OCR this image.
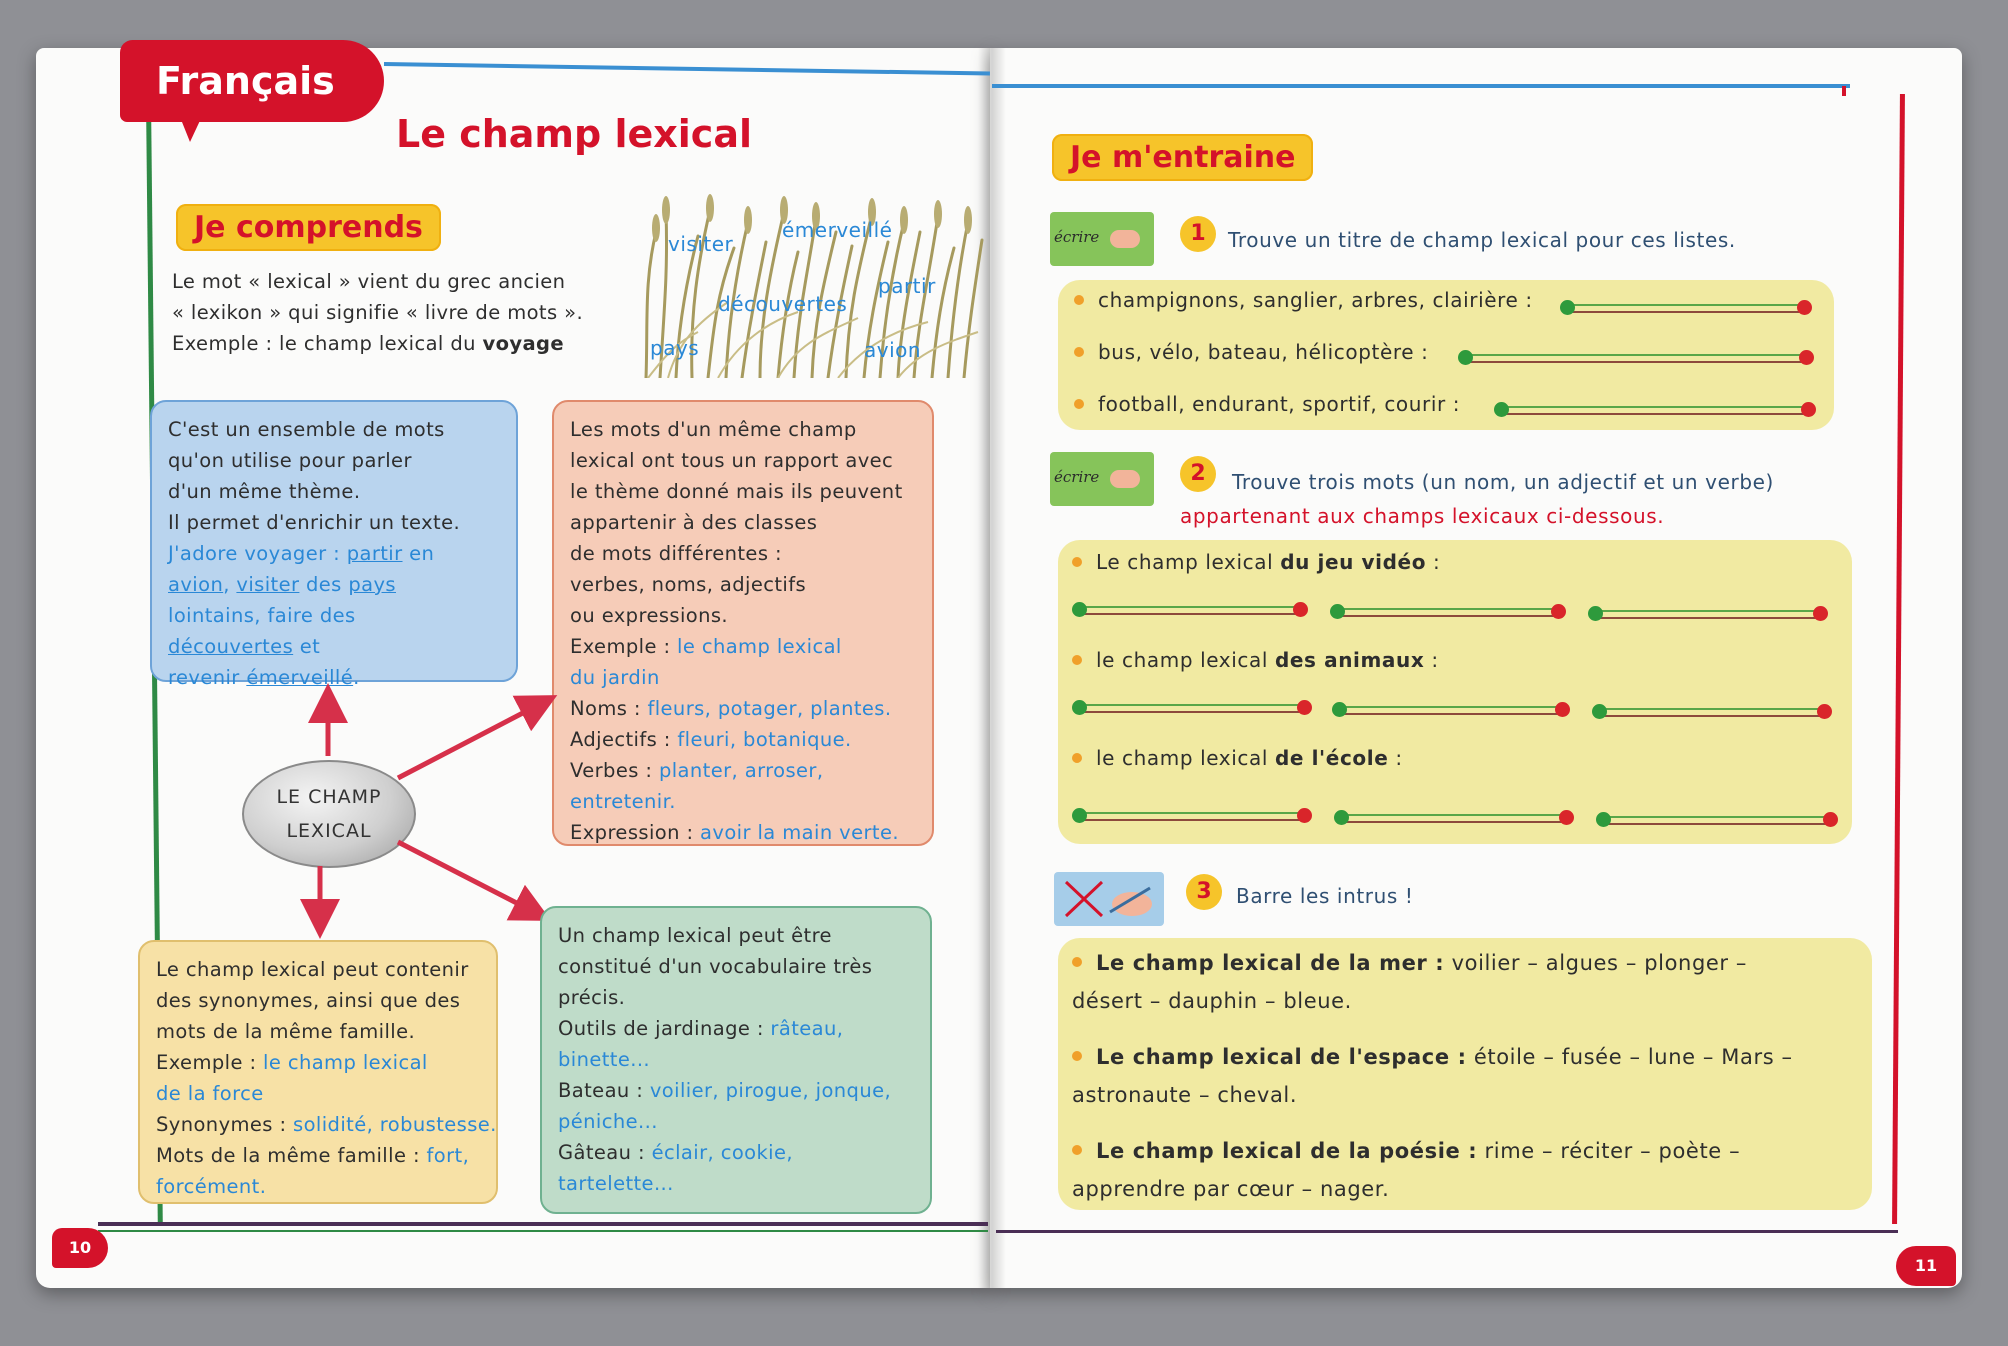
Français
Le champ lexical
Je comprends
Le mot « lexical » vient du grec ancien
« lexikon » qui signifie « livre de mots ».
Exemple : le champ lexical du voyage
visiter
émerveillé
partir
découvertes
pays	avion
C'est un ensemble de mots
qu'on utilise pour parler
d'un même thème.
Il permet d'enrichir un texte.
J'adore voyager : partir en
avion, visiter des pays
lointains, faire des
découvertes et
revenir émerveillé.
Les mots d'un même champ
lexical ont tous un rapport avec
le thème donné mais ils peuvent
appartenir à des classes
de mots différentes :
verbes, noms, adjectifs
ou expressions.
Exemple : le champ lexical
du jardin
Noms : fleurs, potager, plantes.
Adjectifs : fleuri, botanique.
Verbes : planter, arroser,
entretenir.
Expression : avoir la main verte.
LE CHAMP
LEXICAL
Le champ lexical peut contenir
des synonymes, ainsi que des
mots de la même famille.
Exemple : le champ lexical
de la force
Synonymes : solidité, robustesse.
Mots de la même famille : fort,
forcément.
Un champ lexical peut être
constitué d'un vocabulaire très
précis.
Outils de jardinage : râteau,
binette...
Bateau : voilier, pirogue, jonque,
péniche...
Gâteau : éclair, cookie,
tartelette...
10
Je m'entraine
écrire	1	Trouve un titre de champ lexical pour ces listes.
champignons, sanglier, arbres, clairière :
bus, vélo, bateau, hélicoptère :
football, endurant, sportif, courir :
écrire	2	Trouve trois mots (un nom, un adjectif et un verbe)
appartenant aux champs lexicaux ci-dessous.
Le champ lexical du jeu vidéo :
le champ lexical des animaux :
le champ lexical de l'école :
3	Barre les intrus !
Le champ lexical de la mer : voilier – algues – plonger –
désert – dauphin – bleue.
Le champ lexical de l'espace : étoile – fusée – lune – Mars –
astronaute – cheval.
Le champ lexical de la poésie : rime – réciter – poète –
apprendre par cœur – nager.
11
